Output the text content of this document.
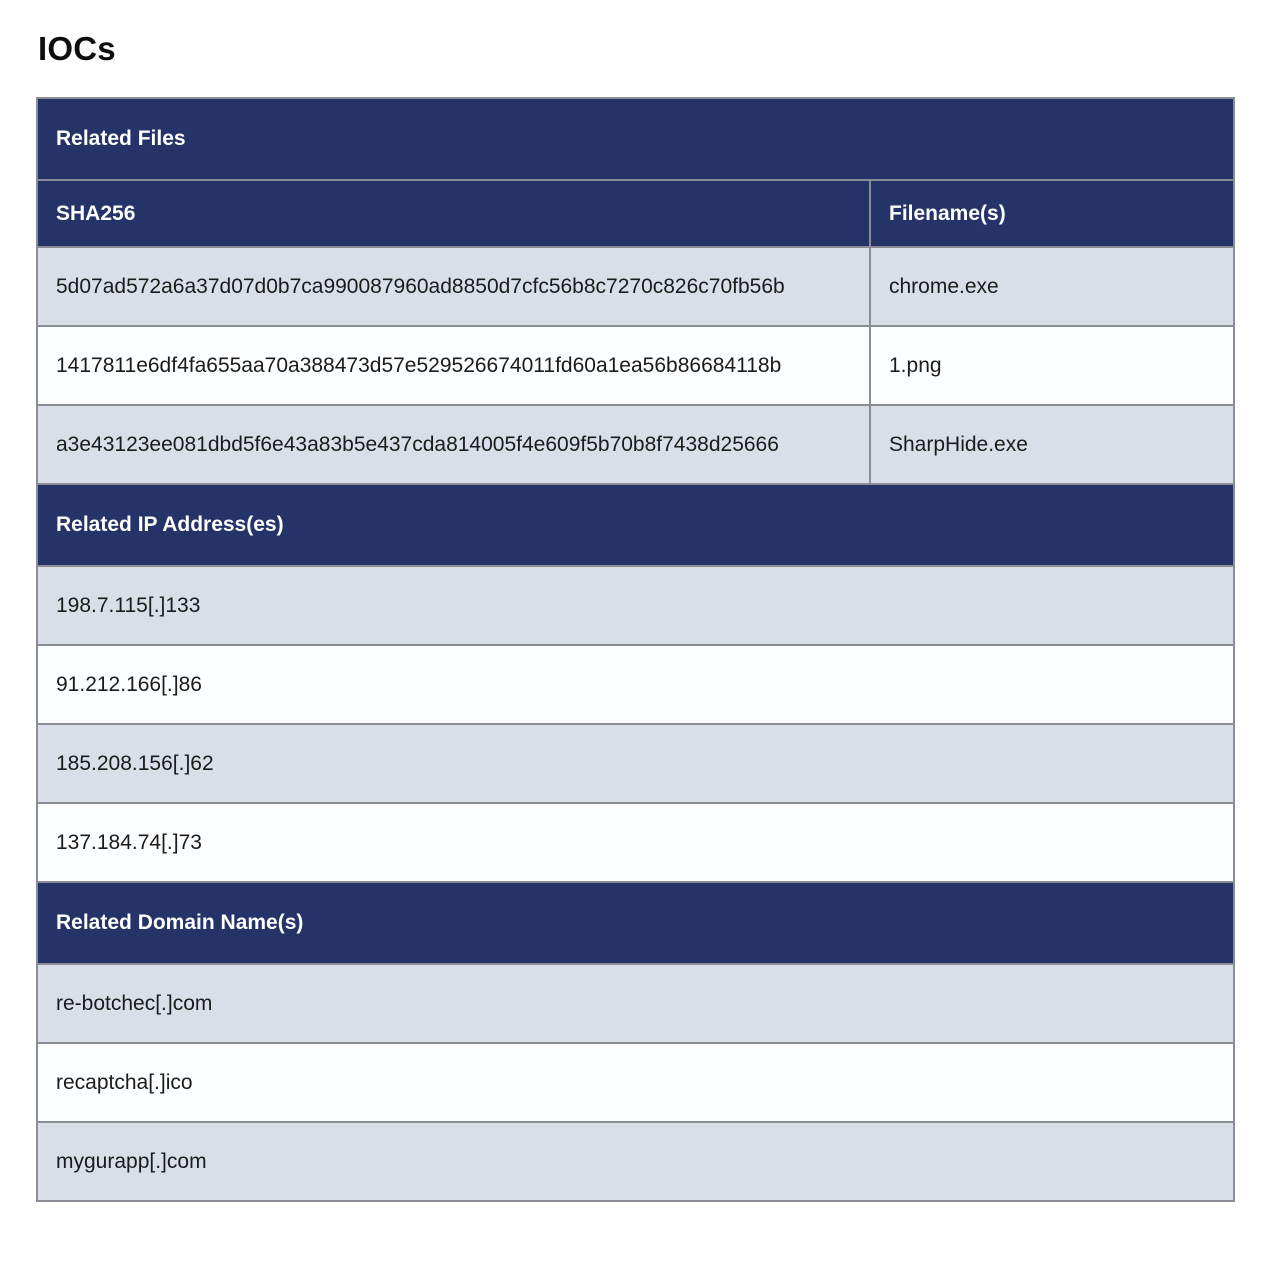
IOCs
Related Files	
SHA256	Filename(s)
5d07ad572a6a37d07d0b7ca990087960ad8850d7cfc56b8c7270c826c70fb56b	chrome.exe
1417811e6df4fa655aa70a388473d57e529526674011fd60a1ea56b86684118b	1.png
a3e43123ee081dbd5f6e43a83b5e437cda814005f4e609f5b70b8f7438d25666	SharpHide.exe
Related IP Address(es)	
198.7.115[.]133	
91.212.166[.]86	
185.208.156[.]62	
137.184.74[.]73	
Related Domain Name(s)	
re-botchec[.]com	
recaptcha[.]ico	
mygurapp[.]com	
